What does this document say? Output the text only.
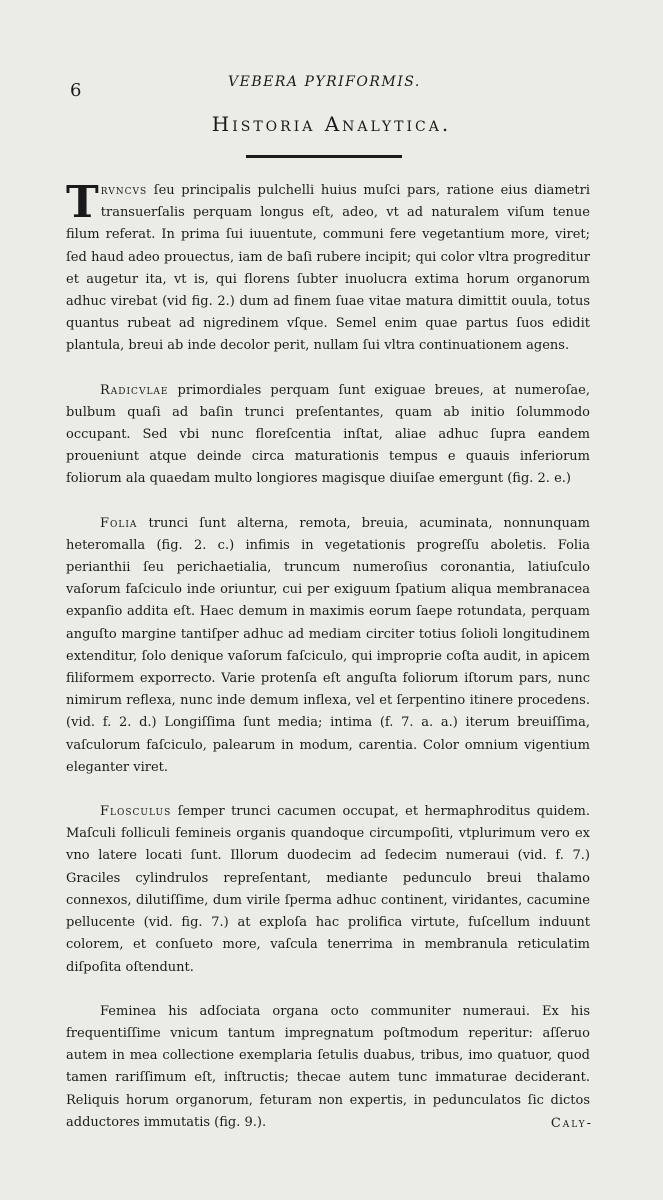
6	VEBERA PYRIFORMIS.
Historia Analytica.

Trvncvs ſeu principalis pulchelli huius muſci pars, ratione eius diametri transuerſalis perquam longus eſt, adeo, vt ad naturalem viſum tenue filum referat. In prima ſui iuuentute, communi fere vegetantium more, viret; ſed haud adeo prouectus, iam de baſi rubere incipit; qui color vltra progreditur et augetur ita, vt is, qui florens ſubter inuolucra extima horum organorum adhuc virebat (vid fig. 2.) dum ad finem ſuae vitae matura dimittit ouula, totus quantus rubeat ad nigredinem vſque. Semel enim quae partus ſuos edidit plantula, breui ab inde decolor perit, nullam ſui vltra continuationem agens.

Radicvlae primordiales perquam ſunt exiguae breues, at numeroſae, bulbum quaſi ad baſin trunci preſentantes, quam ab initio ſolummodo occupant. Sed vbi nunc floreſcentia inſtat, aliae adhuc ſupra eandem proueniunt atque deinde circa maturationis tempus e quauis inferiorum foliorum ala quaedam multo longiores magisque diuiſae emergunt (fig. 2. e.)

Folia trunci ſunt alterna, remota, breuia, acuminata, nonnunquam heteromalla (fig. 2. c.) infimis in vegetationis progreſſu aboletis. Folia perianthii ſeu perichaetialia, truncum numeroſius coronantia, latiuſculo vaſorum faſciculo inde oriuntur, cui per exiguum ſpatium aliqua membranacea expanſio addita eſt. Haec demum in maximis eorum ſaepe rotundata, perquam anguſto margine tantiſper adhuc ad mediam circiter totius ſolioli longitudinem extenditur, ſolo denique vaſorum faſciculo, qui improprie coſta audit, in apicem filiformem exporrecto. Varie protenſa eſt anguſta foliorum iſtorum pars, nunc nimirum reflexa, nunc inde demum inflexa, vel et ſerpentino itinere procedens. (vid. f. 2. d.) Longiſſima ſunt media; intima (f. 7. a. a.) iterum breuiſſima, vaſculorum faſciculo, palearum in modum, carentia. Color omnium vigentium eleganter viret.

Flosculus ſemper trunci cacumen occupat, et hermaphroditus quidem. Maſculi folliculi femineis organis quandoque circumpoſiti, vtplurimum vero ex vno latere locati ſunt. Illorum duodecim ad ſedecim numeraui (vid. f. 7.) Graciles cylindrulos repreſentant, mediante pedunculo breui thalamo connexos, dilutiſſime, dum virile ſperma adhuc continent, viridantes, cacumine pellucente (vid. fig. 7.) at exploſa hac prolifica virtute, fuſcellum induunt colorem, et conſueto more, vaſcula tenerrima in membranula reticulatim diſpoſita oſtendunt.

Feminea his adſociata organa octo communiter numeraui. Ex his frequentiſſime vnicum tantum impregnatum poſtmodum reperitur: aſſeruo autem in mea collectione exemplaria ſetulis duabus, tribus, imo quatuor, quod tamen rariſſimum eſt, inſtructis; thecae autem tunc immaturae deciderant. Reliquis horum organorum, feturam non expertis, in pedunculatos ſic dictos adductores immutatis (fig. 9.).	Caly-
